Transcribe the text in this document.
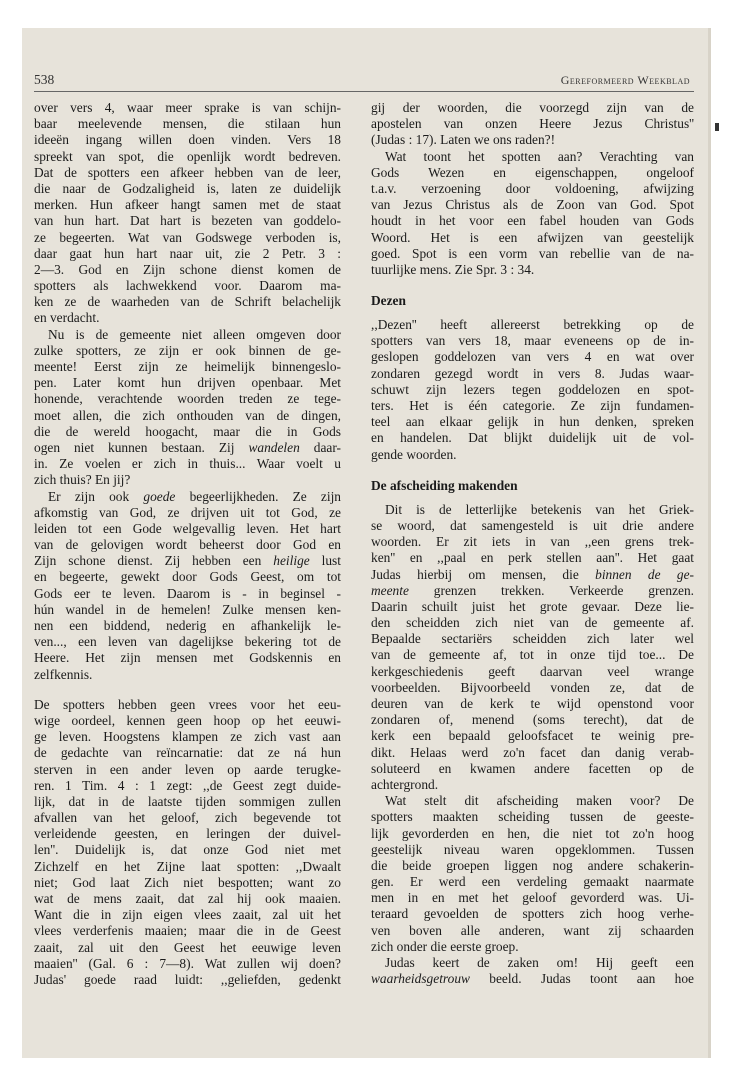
538	Gereformeerd Weekblad
over vers 4, waar meer sprake is van schijn-
baar meelevende mensen, die stilaan hun
ideeën ingang willen doen vinden. Vers 18
spreekt van spot, die openlijk wordt bedreven.
Dat de spotters een afkeer hebben van de leer,
die naar de Godzaligheid is, laten ze duidelijk
merken. Hun afkeer hangt samen met de staat
van hun hart. Dat hart is bezeten van goddelo-
ze begeerten. Wat van Godswege verboden is,
daar gaat hun hart naar uit, zie 2 Petr. 3 :
2—3. God en Zijn schone dienst komen de
spotters als lachwekkend voor. Daarom ma-
ken ze de waarheden van de Schrift belachelijk
en verdacht.
Nu is de gemeente niet alleen omgeven door
zulke spotters, ze zijn er ook binnen de ge-
meente! Eerst zijn ze heimelijk binnengeslo-
pen. Later komt hun drijven openbaar. Met
honende, verachtende woorden treden ze tege-
moet allen, die zich onthouden van de dingen,
die de wereld hoogacht, maar die in Gods
ogen niet kunnen bestaan. Zij wandelen daar-
in. Ze voelen er zich in thuis... Waar voelt u
zich thuis? En jij?
Er zijn ook goede begeerlijkheden. Ze zijn
afkomstig van God, ze drijven uit tot God, ze
leiden tot een Gode welgevallig leven. Het hart
van de gelovigen wordt beheerst door God en
Zijn schone dienst. Zij hebben een heilige lust
en begeerte, gewekt door Gods Geest, om tot
Gods eer te leven. Daarom is - in beginsel -
hún wandel in de hemelen! Zulke mensen ken-
nen een biddend, nederig en afhankelijk le-
ven..., een leven van dagelijkse bekering tot de
Heere. Het zijn mensen met Godskennis en
zelfkennis.
De spotters hebben geen vrees voor het eeu-
wige oordeel, kennen geen hoop op het eeuwi-
ge leven. Hoogstens klampen ze zich vast aan
de gedachte van reïncarnatie: dat ze ná hun
sterven in een ander leven op aarde terugke-
ren. 1 Tim. 4 : 1 zegt: ,,de Geest zegt duide-
lijk, dat in de laatste tijden sommigen zullen
afvallen van het geloof, zich begevende tot
verleidende geesten, en leringen der duivel-
len''. Duidelijk is, dat onze God niet met
Zichzelf en het Zijne laat spotten: ,,Dwaalt
niet; God laat Zich niet bespotten; want zo
wat de mens zaait, dat zal hij ook maaien.
Want die in zijn eigen vlees zaait, zal uit het
vlees verderfenis maaien; maar die in de Geest
zaait, zal uit den Geest het eeuwige leven
maaien'' (Gal. 6 : 7—8). Wat zullen wij doen?
Judas' goede raad luidt: ,,geliefden, gedenkt
gij der woorden, die voorzegd zijn van de
apostelen van onzen Heere Jezus Christus''
(Judas : 17). Laten we ons raden?!
Wat toont het spotten aan? Verachting van
Gods Wezen en eigenschappen, ongeloof
t.a.v. verzoening door voldoening, afwijzing
van Jezus Christus als de Zoon van God. Spot
houdt in het voor een fabel houden van Gods
Woord. Het is een afwijzen van geestelijk
goed. Spot is een vorm van rebellie van de na-
tuurlijke mens. Zie Spr. 3 : 34.
Dezen
,,Dezen'' heeft allereerst betrekking op de
spotters van vers 18, maar eveneens op de in-
geslopen goddelozen van vers 4 en wat over
zondaren gezegd wordt in vers 8. Judas waar-
schuwt zijn lezers tegen goddelozen en spot-
ters. Het is één categorie. Ze zijn fundamen-
teel aan elkaar gelijk in hun denken, spreken
en handelen. Dat blijkt duidelijk uit de vol-
gende woorden.
De afscheiding makenden
Dit is de letterlijke betekenis van het Griek-
se woord, dat samengesteld is uit drie andere
woorden. Er zit iets in van ,,een grens trek-
ken'' en ,,paal en perk stellen aan''. Het gaat
Judas hierbij om mensen, die binnen de ge-
meente grenzen trekken. Verkeerde grenzen.
Daarin schuilt juist het grote gevaar. Deze lie-
den scheidden zich niet van de gemeente af.
Bepaalde sectariërs scheidden zich later wel
van de gemeente af, tot in onze tijd toe... De
kerkgeschiedenis geeft daarvan veel wrange
voorbeelden. Bijvoorbeeld vonden ze, dat de
deuren van de kerk te wijd openstond voor
zondaren of, menend (soms terecht), dat de
kerk een bepaald geloofsfacet te weinig pre-
dikt. Helaas werd zo'n facet dan danig verab-
soluteerd en kwamen andere facetten op de
achtergrond.
Wat stelt dit afscheiding maken voor? De
spotters maakten scheiding tussen de geeste-
lijk gevorderden en hen, die niet tot zo'n hoog
geestelijk niveau waren opgeklommen. Tussen
die beide groepen liggen nog andere schakerin-
gen. Er werd een verdeling gemaakt naarmate
men in en met het geloof gevorderd was. Ui-
teraard gevoelden de spotters zich hoog verhe-
ven boven alle anderen, want zij schaarden
zich onder die eerste groep.
Judas keert de zaken om! Hij geeft een
waarheidsgetrouw beeld. Judas toont aan hoe
